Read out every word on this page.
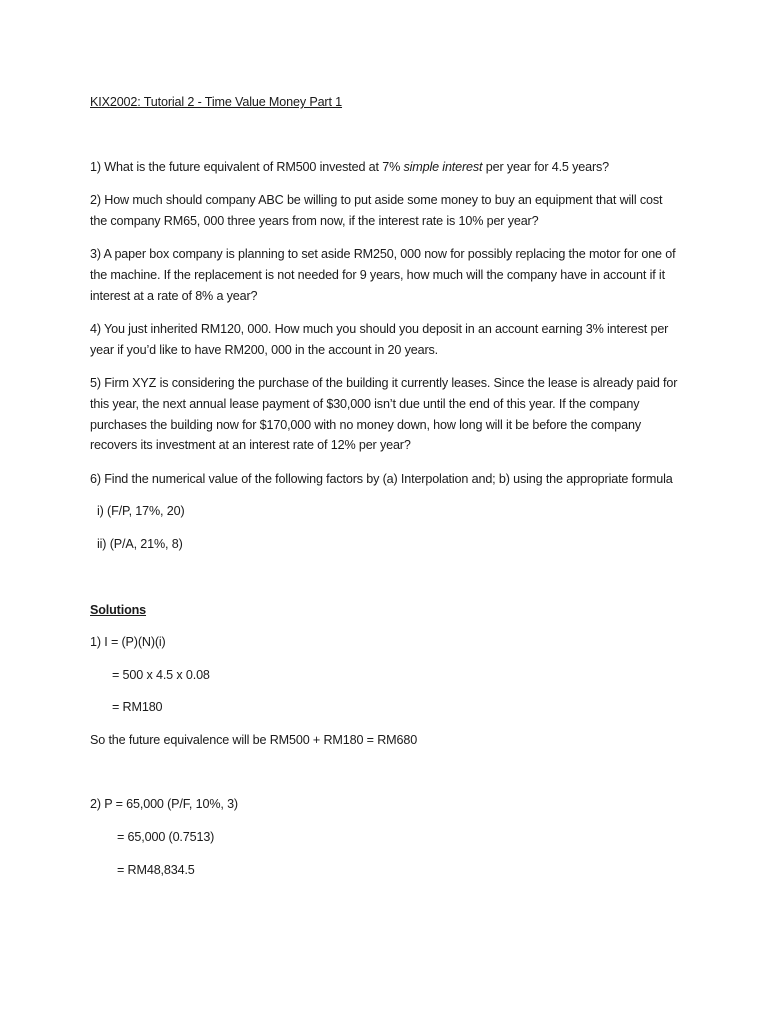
KIX2002: Tutorial 2 - Time Value Money Part 1

1) What is the future equivalent of RM500 invested at 7% simple interest per year for 4.5 years?

2) How much should company ABC be willing to put aside some money to buy an equipment that will cost the company RM65, 000 three years from now, if the interest rate is 10% per year?

3) A paper box company is planning to set aside RM250, 000 now for possibly replacing the motor for one of the machine. If the replacement is not needed for 9 years, how much will the company have in account if it interest at a rate of 8% a year?

4) You just inherited RM120, 000. How much you should you deposit in an account earning 3% interest per year if you’d like to have RM200, 000 in the account in 20 years.

5) Firm XYZ is considering the purchase of the building it currently leases. Since the lease is already paid for this year, the next annual lease payment of $30,000 isn’t due until the end of this year. If the company purchases the building now for $170,000 with no money down, how long will it be before the company recovers its investment at an interest rate of 12% per year?

6) Find the numerical value of the following factors by (a) Interpolation and; b) using the appropriate formula

i) (F/P, 17%, 20)

ii) (P/A, 21%, 8)

Solutions

1) I = (P)(N)(i)

= 500 x 4.5 x 0.08

= RM180

So the future equivalence will be RM500 + RM180 = RM680

2) P = 65,000 (P/F, 10%, 3)

= 65,000 (0.7513)

= RM48,834.5
